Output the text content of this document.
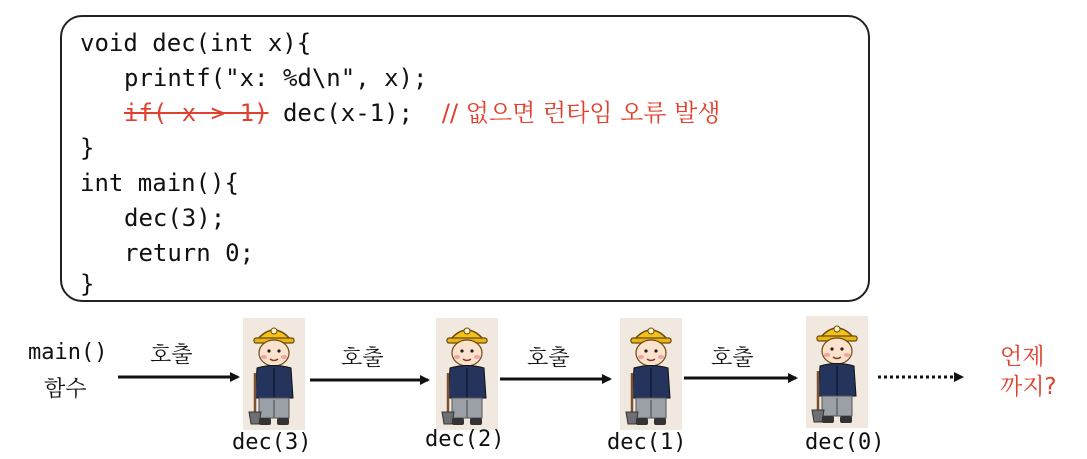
void dec(int x){
printf("x: %d\n", x);
if( x > 1) dec(x-1); // 없으면 런타임 오류 발생
}
int main(){
dec(3);
return 0;
}
main()
함수
호출	호출	호출	호출
dec(3)	dec(2)	dec(1)	dec(0)
언제
까지?
